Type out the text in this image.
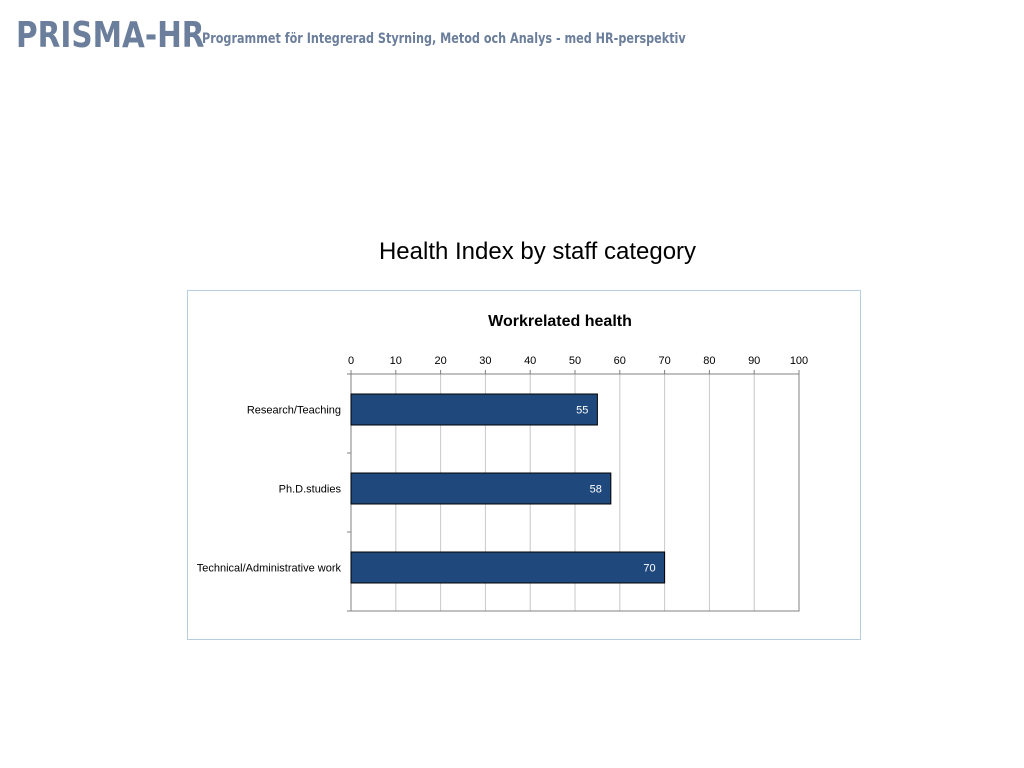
PRISMA-HR
Programmet för Integrerad Styrning, Metod och Analys - med HR-perspektiv
Health Index by staff category
Workrelated health
0	10	20	30	40	50	60	70	80	90	100
55
58
70
Research/Teaching
Ph.D.studies
Technical/Administrative work
